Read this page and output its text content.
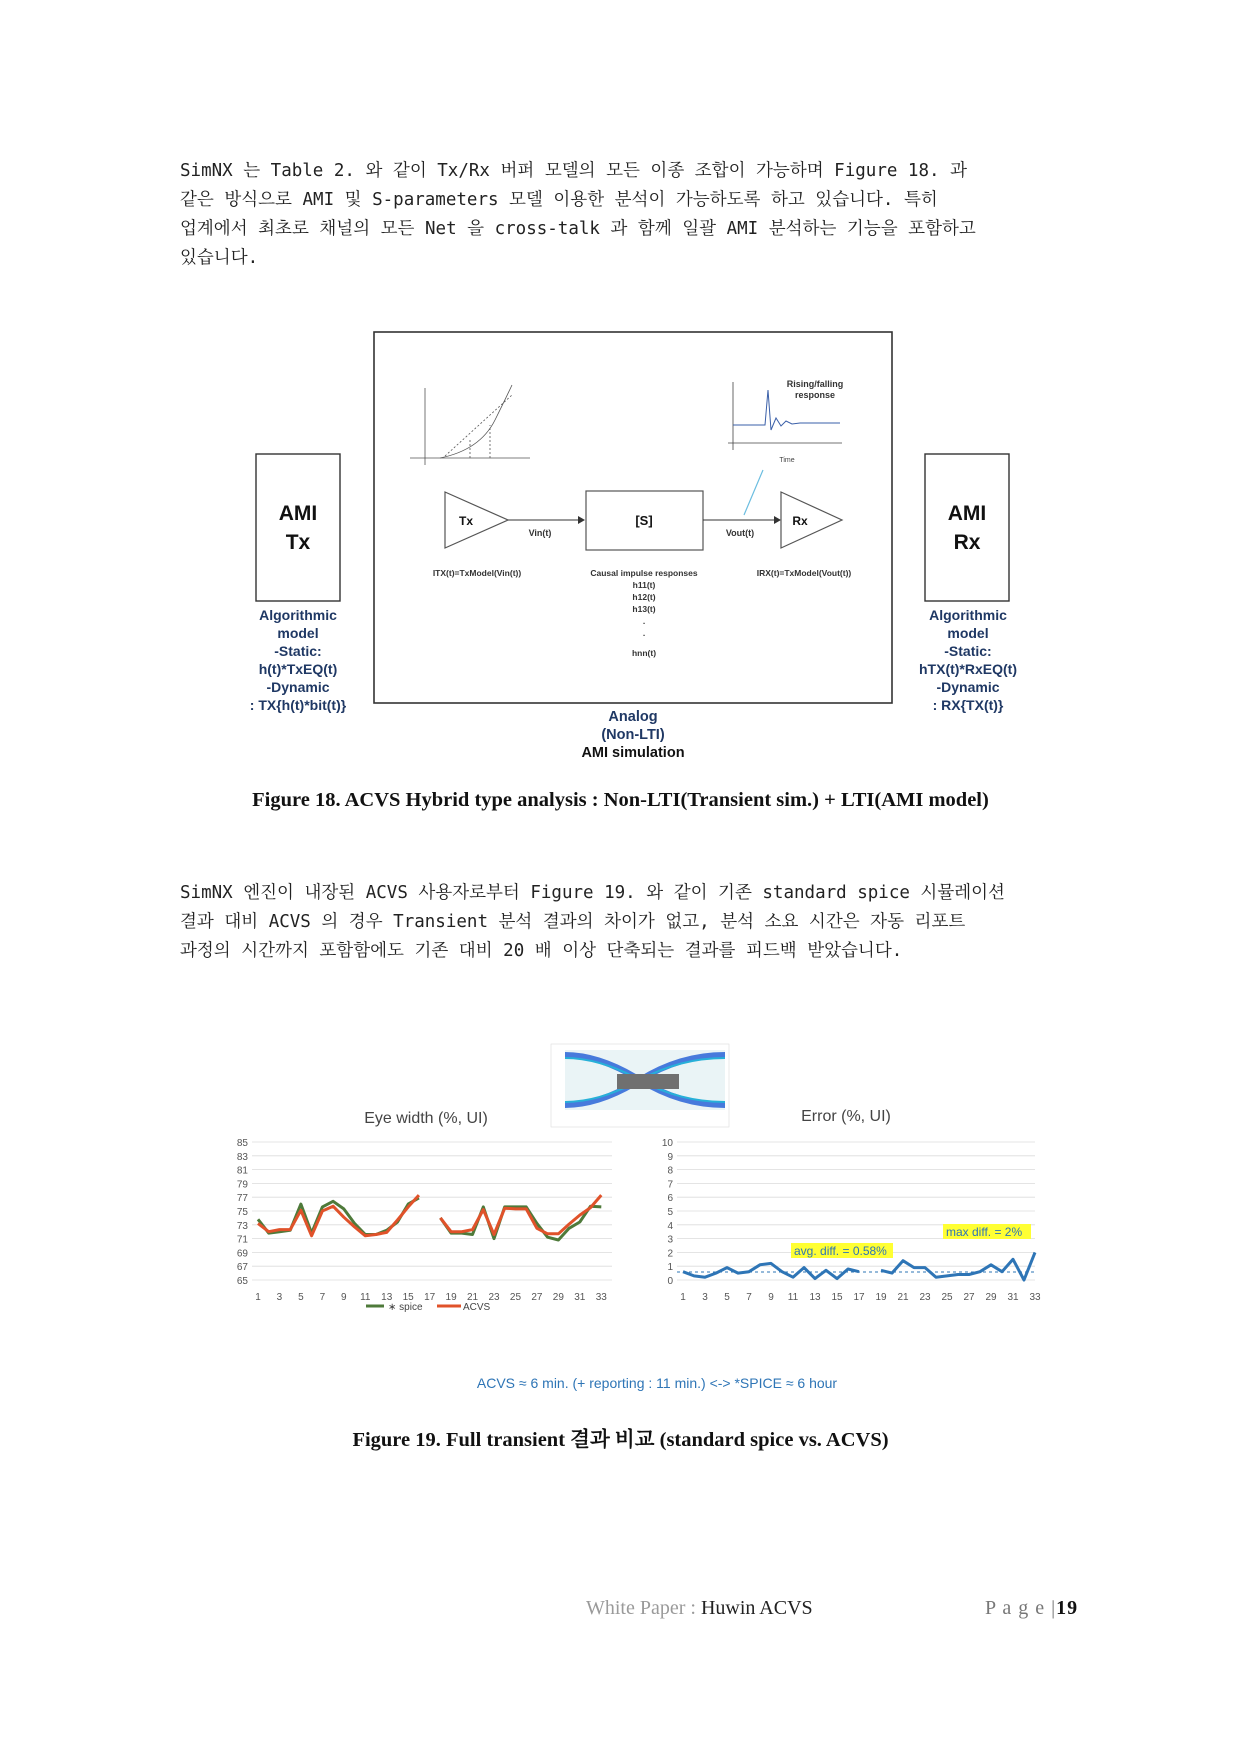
SimNX 는 Table 2. 와 같이 Tx/Rx 버퍼 모델의 모든 이종 조합이 가능하며 Figure 18. 과
같은 방식으로 AMI 및 S-parameters 모델 이용한 분석이 가능하도록 하고 있습니다. 특히
업계에서 최초로 채널의 모든 Net 을 cross-talk 과 함께 일괄 AMI 분석하는 기능을 포함하고
있습니다.
AMI
Tx
AMI
Rx
Algorithmic
model
-Static:
h(t)*TxEQ(t)
-Dynamic
: TX{h(t)*bit(t)}
Algorithmic
model
-Static:
hTX(t)*RxEQ(t)
-Dynamic
: RX{TX(t)}
Analog
(Non-LTI)
AMI simulation
Rising/falling
response
Time
Tx
Vin(t)
[S]
Vout(t)
Rx
ITX(t)=TxModel(Vin(t))	IRX(t)=TxModel(Vout(t))
Causal impulse responses
h11(t)
h12(t)
h13(t)
.
.
hnn(t)
Figure 18. ACVS Hybrid type analysis : Non-LTI(Transient sim.) + LTI(AMI model)
SimNX 엔진이 내장된 ACVS 사용자로부터 Figure 19. 와 같이 기존 standard spice 시뮬레이션
결과 대비 ACVS 의 경우 Transient 분석 결과의 차이가 없고, 분석 소요 시간은 자동 리포트
과정의 시간까지 포함함에도 기존 대비 20 배 이상 단축되는 결과를 피드백 받았습니다.
Eye width (%, UI)
65
67
69
71
73
75
77
79
81
83
85
1 3 5 7 9 11 13 15 17 19 21 23 25 27 29 31 33
∗ spice	ACVS
Error (%, UI)
0
1
2
3
4
5
6
7
8
9
10
1 3 5 7 9 11 13 15 17 19 21 23 25 27 29 31 33
avg. diff. = 0.58%
max diff. = 2%
ACVS ≈ 6 min. (+ reporting : 11 min.) <-> *SPICE ≈ 6 hour
Figure 19. Full transient 결과 비교 (standard spice vs. ACVS)
White Paper : Huwin ACVS	P a g e |19
